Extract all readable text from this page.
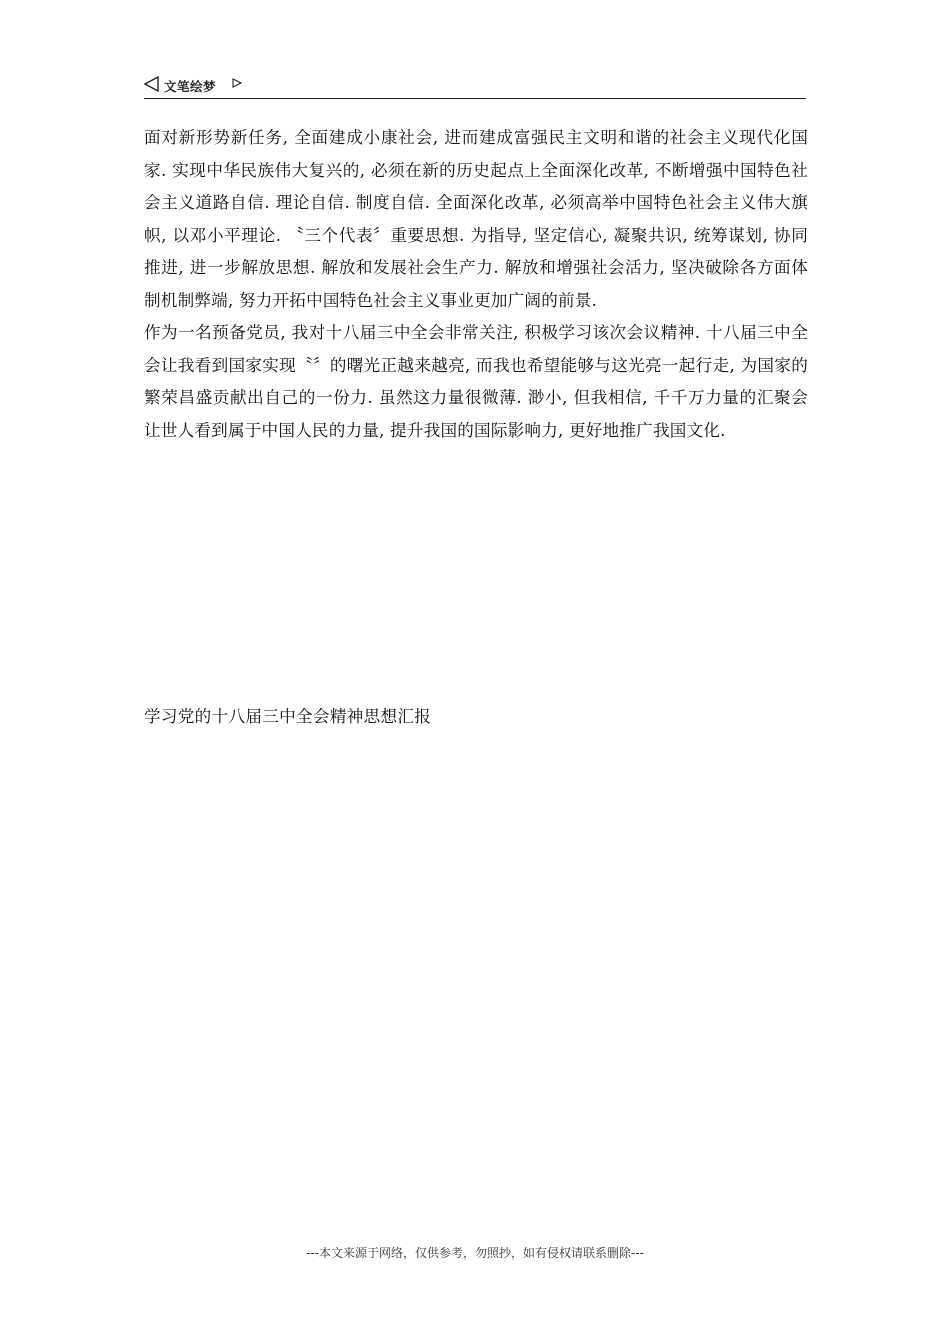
文笔绘梦

面对新形势新任务, 全面建成小康社会, 进而建成富强民主文明和谐的社会主义现代化国家. 实现中华民族伟大复兴的, 必须在新的历史起点上全面深化改革, 不断增强中国特色社会主义道路自信. 理论自信. 制度自信. 全面深化改革, 必须高举中国特色社会主义伟大旗帜, 以邓小平理论. 〝三个代表〞重要思想. 为指导, 坚定信心, 凝聚共识, 统筹谋划, 协同推进, 进一步解放思想. 解放和发展社会生产力. 解放和增强社会活力, 坚决破除各方面体制机制弊端, 努力开拓中国特色社会主义事业更加广阔的前景.

作为一名预备党员, 我对十八届三中全会非常关注, 积极学习该次会议精神. 十八届三中全会让我看到国家实现〝〞的曙光正越来越亮, 而我也希望能够与这光亮一起行走, 为国家的繁荣昌盛贡献出自己的一份力. 虽然这力量很微薄. 渺小, 但我相信, 千千万力量的汇聚会让世人看到属于中国人民的力量, 提升我国的国际影响力, 更好地推广我国文化.

学习党的十八届三中全会精神思想汇报
---本文来源于网络，仅供参考，勿照抄，如有侵权请联系删除---
